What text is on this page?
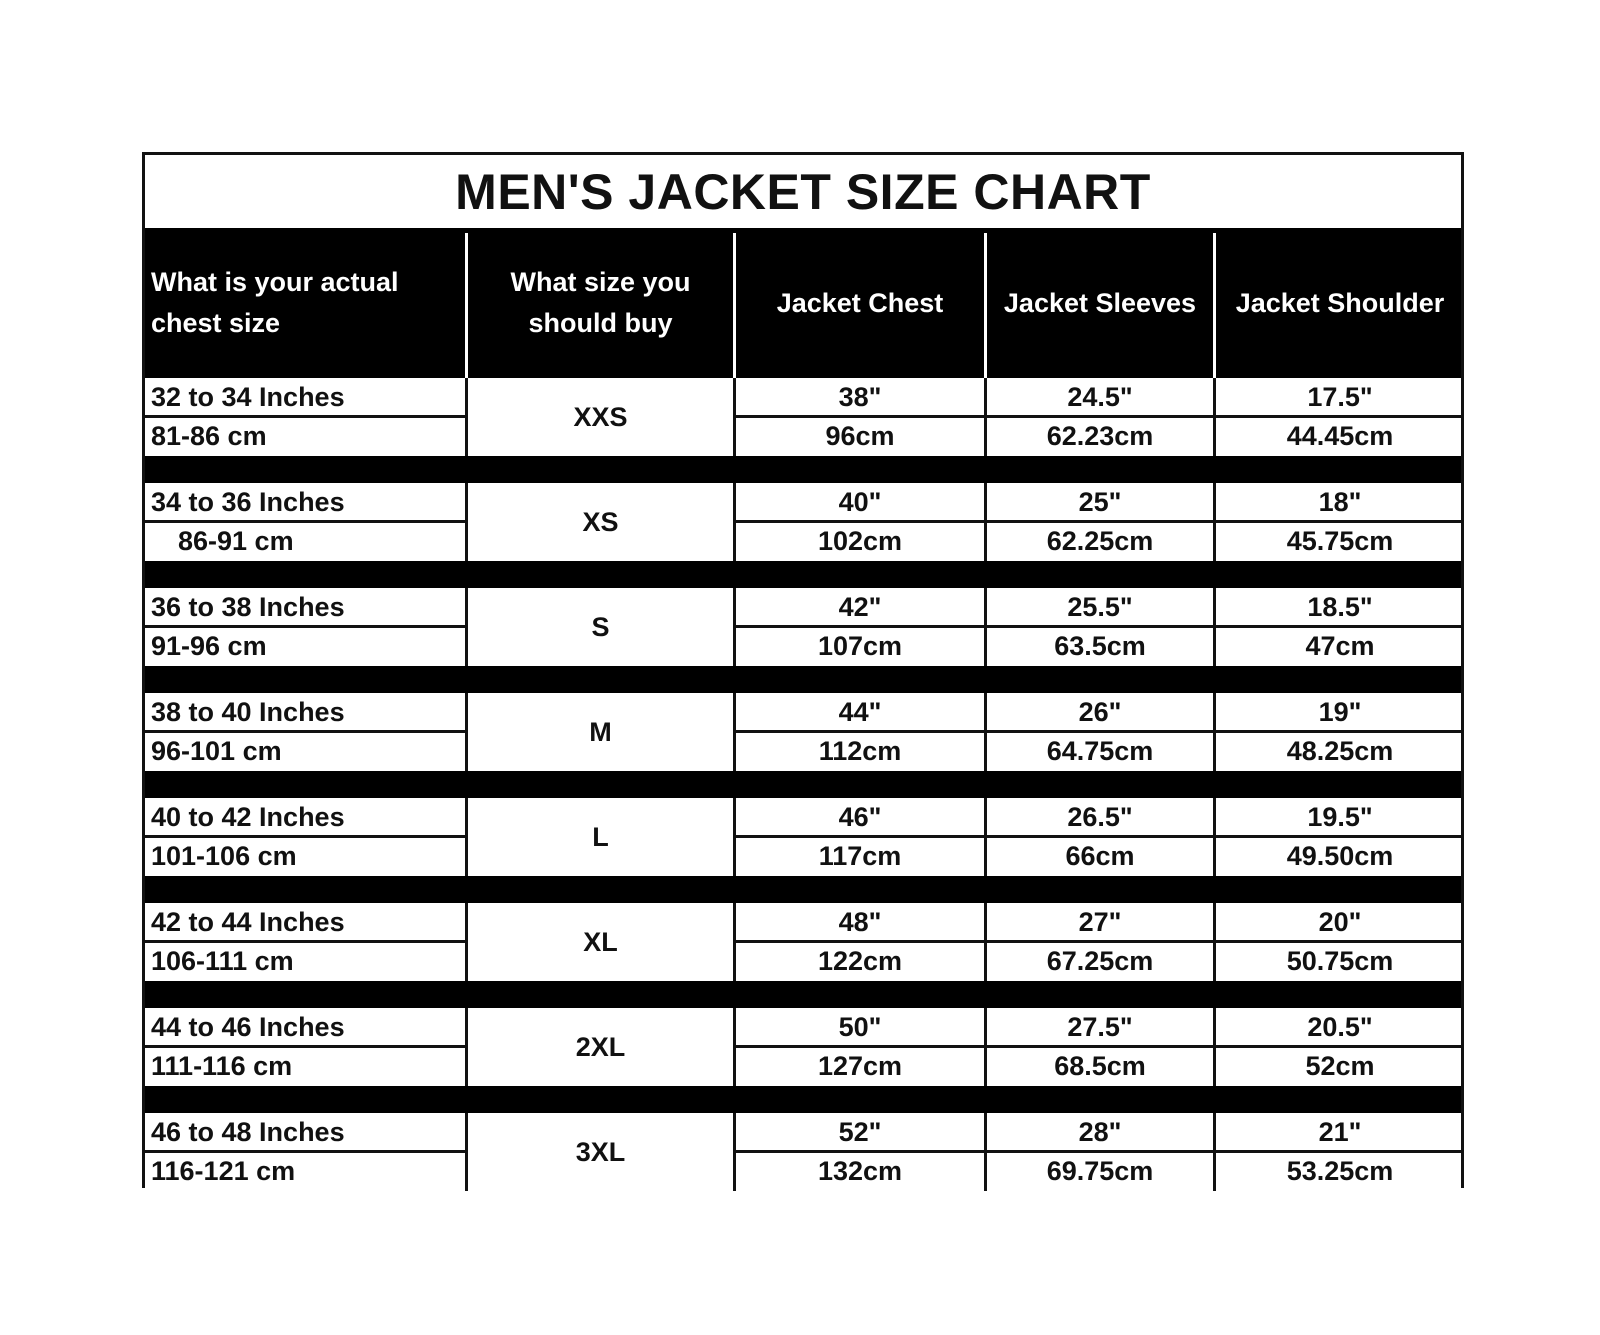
MEN'S JACKET SIZE CHART
What is your actual
chest size
What size you
should buy
Jacket Chest	Jacket Sleeves	Jacket Shoulder
32 to 34 Inches
81-86 cm
XXS
38"
96cm
24.5"
62.23cm
17.5"
44.45cm
34 to 36 Inches
86-91 cm
XS
40"
102cm
25"
62.25cm
18"
45.75cm
36 to 38 Inches
91-96 cm
S
42"
107cm
25.5"
63.5cm
18.5"
47cm
38 to 40 Inches
96-101 cm
M
44"
112cm
26"
64.75cm
19"
48.25cm
40 to 42 Inches
101-106 cm
L
46"
117cm
26.5"
66cm
19.5"
49.50cm
42 to 44 Inches
106-111 cm
XL
48"
122cm
27"
67.25cm
20"
50.75cm
44 to 46 Inches
111-116 cm
2XL
50"
127cm
27.5"
68.5cm
20.5"
52cm
46 to 48 Inches
116-121 cm
3XL
52"
132cm
28"
69.75cm
21"
53.25cm
